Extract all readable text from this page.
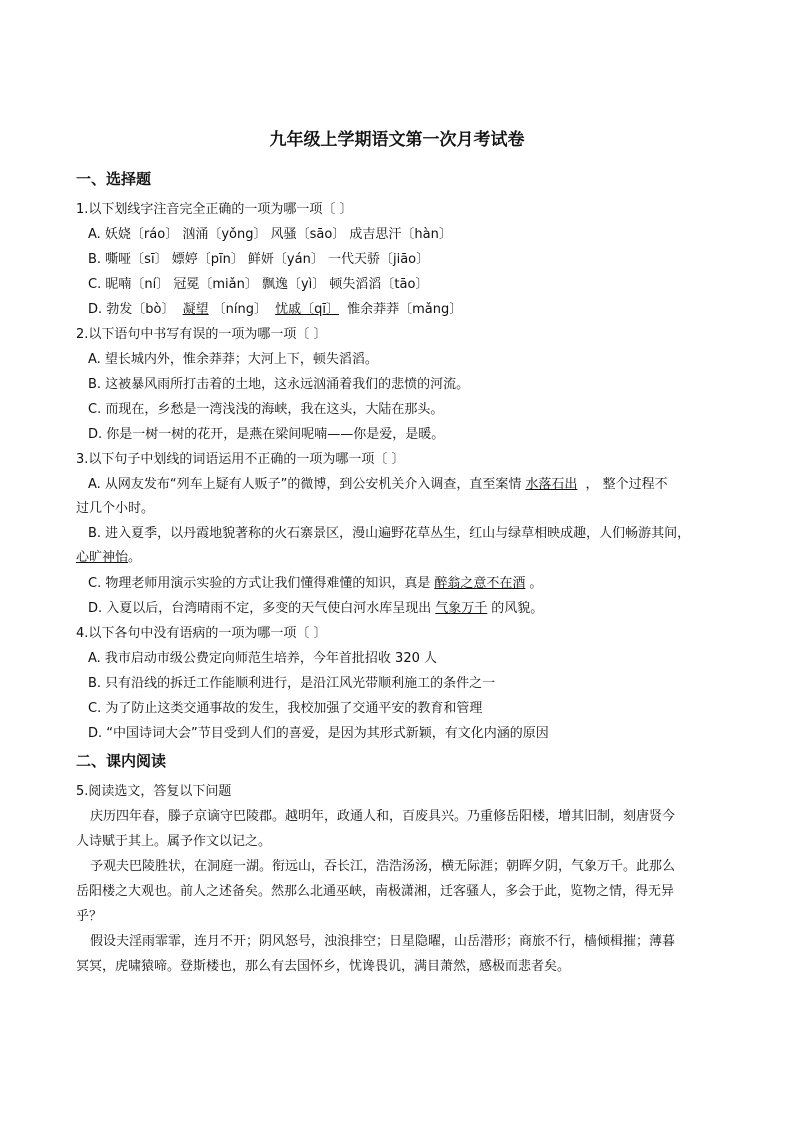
九年级上学期语文第一次月考试卷
一、选择题
1.以下划线字注音完全正确的一项为哪一项〔 〕
A. 妖娆〔ráo〕 汹涌〔yǒng〕 风骚〔sāo〕 成吉思汗〔hàn〕
B. 嘶哑〔sī〕 嫖婷〔pīn〕 鲜妍〔yán〕 一代天骄〔jiāo〕
C. 昵喃〔ní〕 冠冕〔miǎn〕 飘逸〔yì〕 顿失滔滔〔tāo〕
D. 勃发〔bò〕 凝望 〔níng〕 忧戚〔qī〕 惟余莽莽〔mǎng〕
2.以下语句中书写有误的一项为哪一项〔 〕
A. 望长城内外，惟余莽莽；大河上下，顿失滔滔。
B. 这被暴风雨所打击着的土地，这永远汹涌着我们的悲愤的河流。
C. 而现在，乡愁是一湾浅浅的海峡，我在这头，大陆在那头。
D. 你是一树一树的花开，是燕在梁间呢喃——你是爱，是暖。
3.以下句子中划线的词语运用不正确的一项为哪一项〔 〕
A. 从网友发布“列车上疑有人贩子”的微博，到公安机关介入调查，直至案情 水落石出 ， 整个过程不
过几个小时。
B. 进入夏季，以丹霞地貌著称的火石寨景区，漫山遍野花草丛生，红山与绿草相映成趣，人们畅游其间，
心旷神怡。
C. 物理老师用演示实验的方式让我们懂得难懂的知识，真是 醉翁之意不在酒 。
D. 入夏以后，台湾晴雨不定，多变的天气使白河水库呈现出 气象万千 的风貌。
4.以下各句中没有语病的一项为哪一项〔 〕
A. 我市启动市级公费定向师范生培养，今年首批招收 320 人
B. 只有沿线的拆迁工作能顺利进行，是沿江风光带顺利施工的条件之一
C. 为了防止这类交通事故的发生，我校加强了交通平安的教育和管理
D. “中国诗词大会”节目受到人们的喜爱，是因为其形式新颖，有文化内涵的原因
二、课内阅读
5.阅读选文，答复以下问题
庆历四年春，滕子京谪守巴陵郡。越明年，政通人和，百废具兴。乃重修岳阳楼，增其旧制，刻唐贤今
人诗赋于其上。属予作文以记之。
予观夫巴陵胜状，在洞庭一湖。衔远山，吞长江，浩浩汤汤，横无际涯；朝晖夕阴，气象万千。此那么
岳阳楼之大观也。前人之述备矣。然那么北通巫峡，南极潇湘，迁客骚人，多会于此，览物之情，得无异
乎？
假设夫淫雨霏霏，连月不开；阴风怒号，浊浪排空；日星隐曜，山岳潜形；商旅不行，樯倾楫摧；薄暮
冥冥，虎啸猿啼。登斯楼也，那么有去国怀乡，忧谗畏讥，满目萧然，感极而悲者矣。
